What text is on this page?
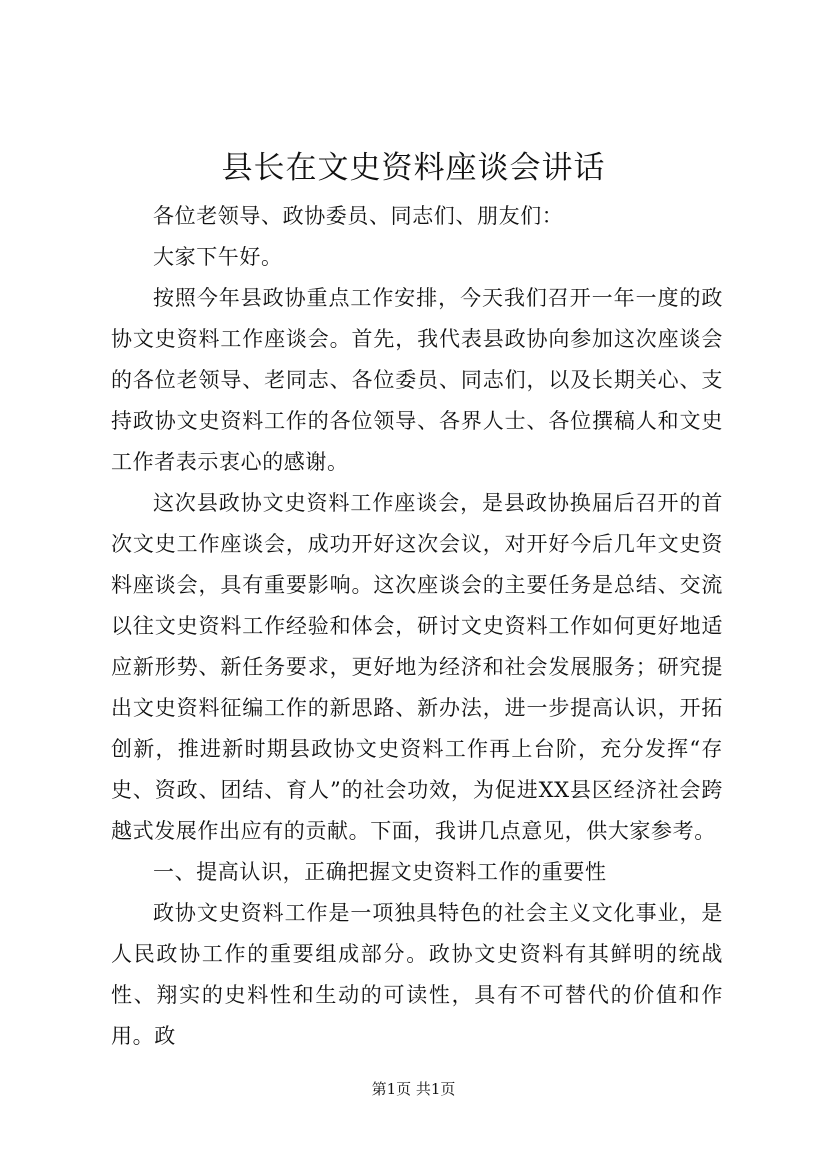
县长在文史资料座谈会讲话

各位老领导、政协委员、同志们、朋友们：

大家下午好。

按照今年县政协重点工作安排，今天我们召开一年一度的政协文史资料工作座谈会。首先，我代表县政协向参加这次座谈会的各位老领导、老同志、各位委员、同志们，以及长期关心、支持政协文史资料工作的各位领导、各界人士、各位撰稿人和文史工作者表示衷心的感谢。

这次县政协文史资料工作座谈会，是县政协换届后召开的首次文史工作座谈会，成功开好这次会议，对开好今后几年文史资料座谈会，具有重要影响。这次座谈会的主要任务是总结、交流以往文史资料工作经验和体会，研讨文史资料工作如何更好地适应新形势、新任务要求，更好地为经济和社会发展服务；研究提出文史资料征编工作的新思路、新办法，进一步提高认识，开拓创新，推进新时期县政协文史资料工作再上台阶，充分发挥“存史、资政、团结、育人”的社会功效，为促进XX县区经济社会跨越式发展作出应有的贡献。下面，我讲几点意见，供大家参考。

一、提高认识，正确把握文史资料工作的重要性

政协文史资料工作是一项独具特色的社会主义文化事业，是人民政协工作的重要组成部分。政协文史资料有其鲜明的统战性、翔实的史料性和生动的可读性，具有不可替代的价值和作用。政

第1页 共1页
